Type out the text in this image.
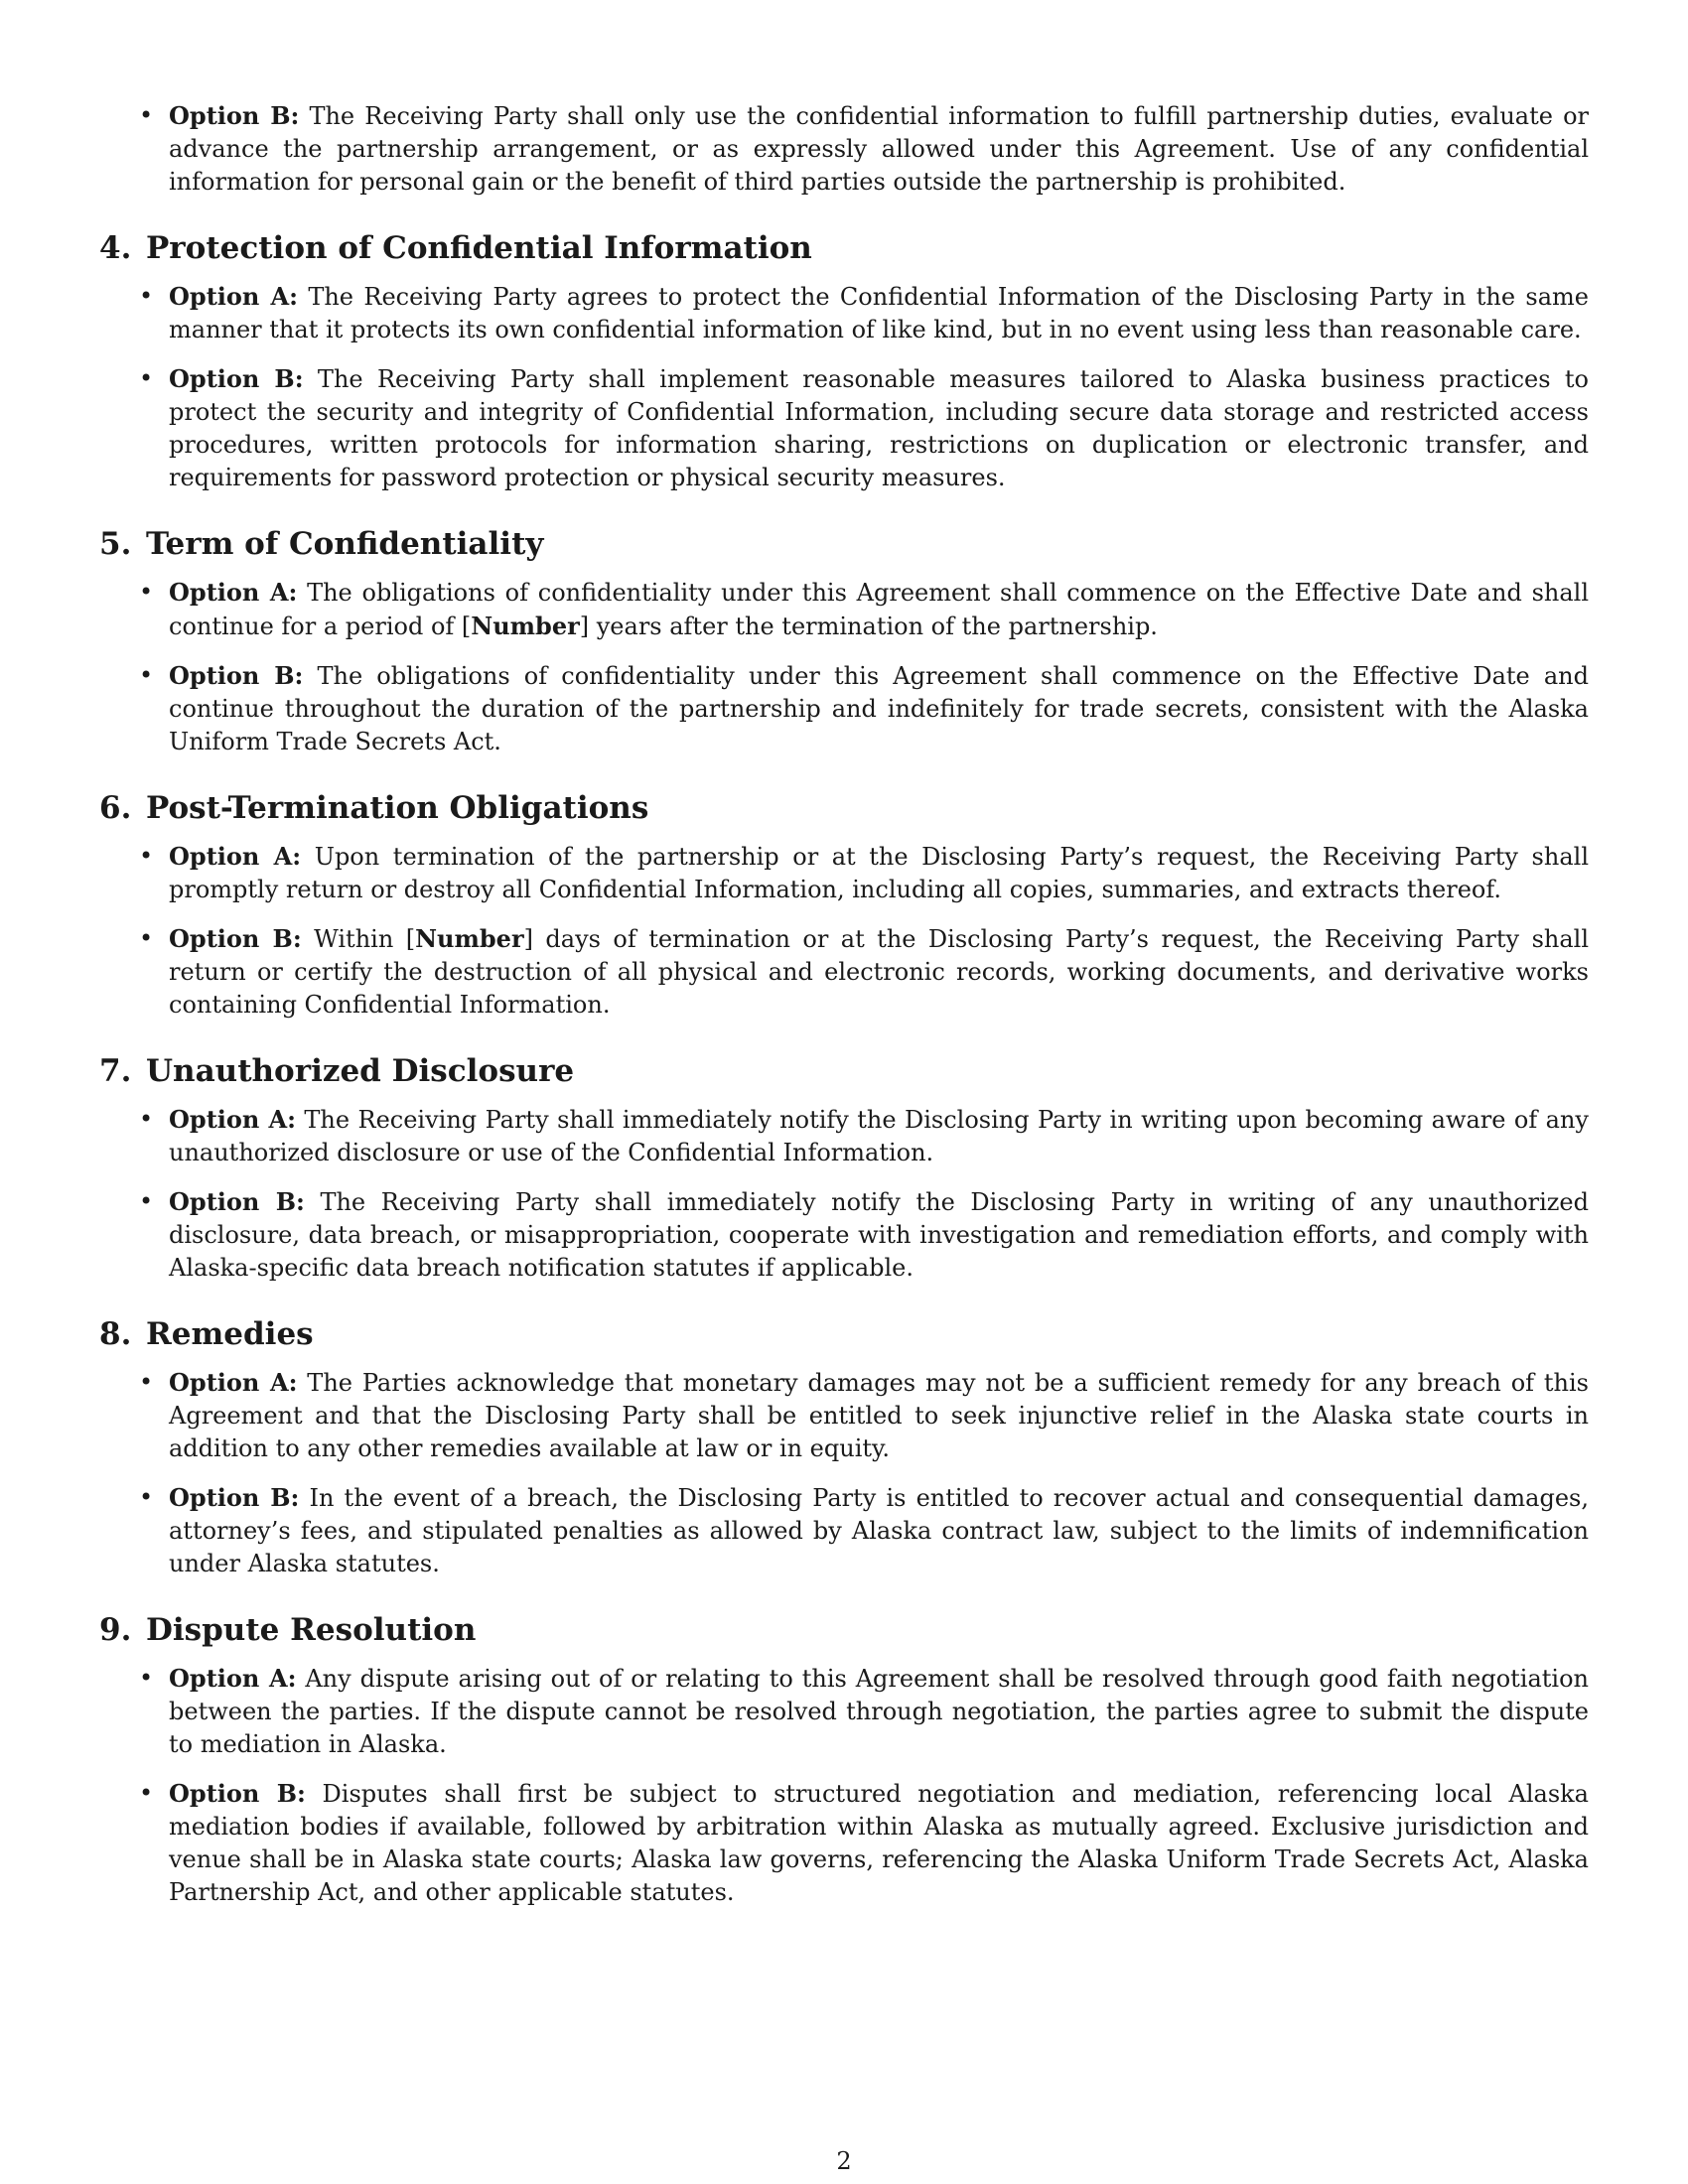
• Option B: The Receiving Party shall only use the confidential information to fulfill partnership duties, evaluate or advance the partnership arrangement, or as expressly allowed under this Agreement. Use of any confidential information for personal gain or the benefit of third parties outside the partnership is prohibited.
4. Protection of Confidential Information
• Option A: The Receiving Party agrees to protect the Confidential Information of the Disclosing Party in the same manner that it protects its own confidential information of like kind, but in no event using less than reasonable care.
• Option B: The Receiving Party shall implement reasonable measures tailored to Alaska business practices to protect the security and integrity of Confidential Information, including secure data storage and restricted access procedures, written protocols for information sharing, restrictions on duplication or electronic transfer, and requirements for password protection or physical security measures.
5. Term of Confidentiality
• Option A: The obligations of confidentiality under this Agreement shall commence on the Effective Date and shall continue for a period of [Number] years after the termination of the partnership.
• Option B: The obligations of confidentiality under this Agreement shall commence on the Effective Date and continue throughout the duration of the partnership and indefinitely for trade secrets, consistent with the Alaska Uniform Trade Secrets Act.
6. Post-Termination Obligations
• Option A: Upon termination of the partnership or at the Disclosing Party’s request, the Receiving Party shall promptly return or destroy all Confidential Information, including all copies, summaries, and extracts thereof.
• Option B: Within [Number] days of termination or at the Disclosing Party’s request, the Receiving Party shall return or certify the destruction of all physical and electronic records, working documents, and derivative works containing Confidential Information.
7. Unauthorized Disclosure
• Option A: The Receiving Party shall immediately notify the Disclosing Party in writing upon becoming aware of any unauthorized disclosure or use of the Confidential Information.
• Option B: The Receiving Party shall immediately notify the Disclosing Party in writing of any unauthorized disclosure, data breach, or misappropriation, cooperate with investigation and remediation efforts, and comply with Alaska-specific data breach notification statutes if applicable.
8. Remedies
• Option A: The Parties acknowledge that monetary damages may not be a sufficient remedy for any breach of this Agreement and that the Disclosing Party shall be entitled to seek injunctive relief in the Alaska state courts in addition to any other remedies available at law or in equity.
• Option B: In the event of a breach, the Disclosing Party is entitled to recover actual and consequential damages, attorney’s fees, and stipulated penalties as allowed by Alaska contract law, subject to the limits of indemnification under Alaska statutes.
9. Dispute Resolution
• Option A: Any dispute arising out of or relating to this Agreement shall be resolved through good faith negotiation between the parties. If the dispute cannot be resolved through negotiation, the parties agree to submit the dispute to mediation in Alaska.
• Option B: Disputes shall first be subject to structured negotiation and mediation, referencing local Alaska mediation bodies if available, followed by arbitration within Alaska as mutually agreed. Exclusive jurisdiction and venue shall be in Alaska state courts; Alaska law governs, referencing the Alaska Uniform Trade Secrets Act, Alaska Partnership Act, and other applicable statutes.
2
